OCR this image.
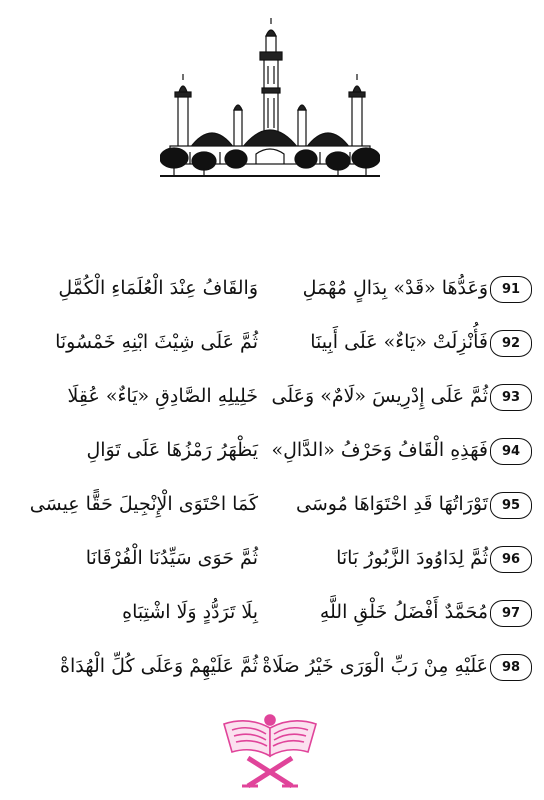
91
وَعَدُّهَا «قَدْ» بِدَالٍ مُهْمَلِ
وَالقَافُ عِنْدَ الْعُلَمَاءِ الْكُمَّلِ
92
فَأُنْزِلَتْ «يَاءٌ» عَلَى أَبِينَا
ثُمَّ عَلَى شِيْثَ ابْنِهِ خَمْسُونَا
93
ثُمَّ عَلَى إِدْرِيسَ «لَامٌ» وَعَلَى
خَلِيلِهِ الصَّادِقِ «يَاءٌ» عُقِلَا
94
فَهَذِهِ الْقَافُ وَحَرْفُ «الدَّالِ»
يَظْهَرُ رَمْزُهَا عَلَى تَوَالِ
95
تَوْرَاتُهَا قَدِ احْتَوَاهَا مُوسَى
كَمَا احْتَوَى الْإِنْجِيلَ حَقًّا عِيسَى
96
ثُمَّ لِدَاوُودَ الزَّبُورُ بَانَا
ثُمَّ حَوَى سَيِّدُنَا الْفُرْقَانَا
97
مُحَمَّدٌ أَفْضَلُ خَلْقِ اللَّهِ
بِلَا تَرَدُّدٍ وَلَا اشْتِبَاهِ
98
عَلَيْهِ مِنْ رَبِّ الْوَرَى خَيْرُ صَلَاةْ
ثُمَّ عَلَيْهِمْ وَعَلَى كُلِّ الْهُدَاةْ
